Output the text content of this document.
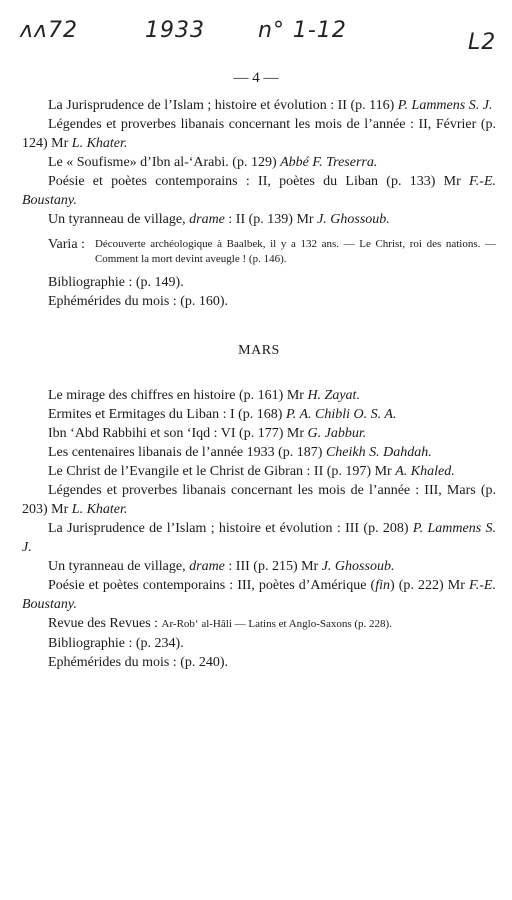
ʌʌ72	1933 n° 1-12	L2
— 4 —

La Jurisprudence de l’Islam ; histoire et évolution : II (p. 116) P. Lammens S. J.

Légendes et proverbes libanais concernant les mois de l’année : II, Février (p. 124) Mr L. Khater.

Le « Soufisme» d’Ibn al-‘Arabi. (p. 129) Abbé F. Treserra.

Poésie et poètes contemporains : II, poètes du Liban (p. 133) Mr F.-E. Boustany.

Un tyranneau de village, drame : II (p. 139) Mr J. Ghossoub.

Varia : Découverte archéologique à Baalbek, il y a 132 ans. — Le Christ, roi des nations. — Comment la mort devint aveugle ! (p. 146).

Bibliographie : (p. 149).

Ephémérides du mois : (p. 160).

MARS

Le mirage des chiffres en histoire (p. 161) Mr H. Zayat.

Ermites et Ermitages du Liban : I (p. 168) P. A. Chibli O. S. A.

Ibn ‘Abd Rabbihi et son ‘Iqd : VI (p. 177) Mr G. Jabbur.

Les centenaires libanais de l’année 1933 (p. 187) Cheikh S. Dahdah.

Le Christ de l’Evangile et le Christ de Gibran : II (p. 197) Mr A. Khaled.

Légendes et proverbes libanais concernant les mois de l’année : III, Mars (p. 203) Mr L. Khater.

La Jurisprudence de l’Islam ; histoire et évolution : III (p. 208) P. Lammens S. J.

Un tyranneau de village, drame : III (p. 215) Mr J. Ghossoub.

Poésie et poètes contemporains : III, poètes d’Amérique (fin) (p. 222) Mr F.-E. Boustany.

Revue des Revues : Ar-Rob‘ al-Hâli — Latins et Anglo-Saxons (p. 228).

Bibliographie : (p. 234).

Ephémérides du mois : (p. 240).
